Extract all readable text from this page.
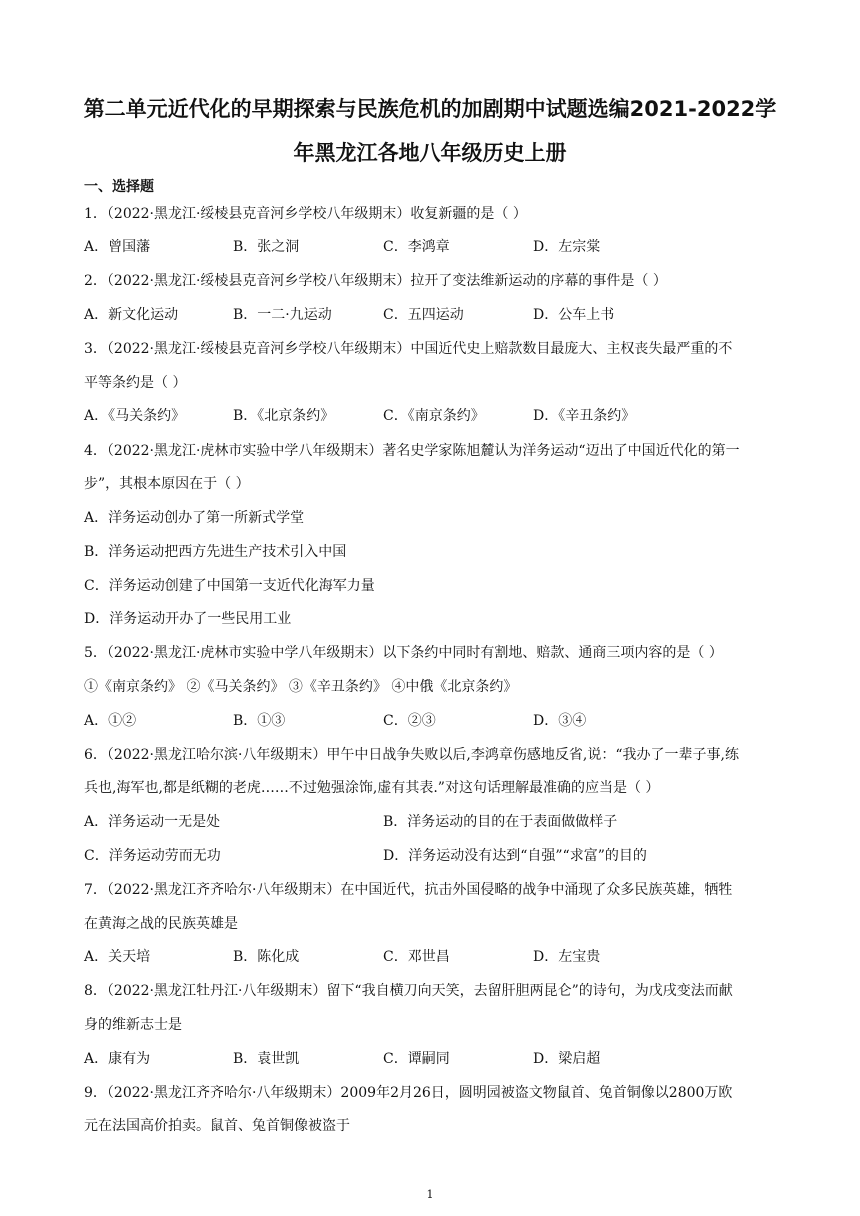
第二单元近代化的早期探索与民族危机的加剧期中试题选编2021-2022学
年黑龙江各地八年级历史上册
一、选择题
1．（2022·黑龙江·绥棱县克音河乡学校八年级期末）收复新疆的是（ ）
A．曾国藩	B．张之洞	C．李鸿章	D．左宗棠
2．（2022·黑龙江·绥棱县克音河乡学校八年级期末）拉开了变法维新运动的序幕的事件是（ ）
A．新文化运动	B．一二·九运动	C．五四运动	D．公车上书
3．（2022·黑龙江·绥棱县克音河乡学校八年级期末）中国近代史上赔款数目最庞大、主权丧失最严重的不
平等条约是（ ）
A．《马关条约》	B．《北京条约》	C．《南京条约》	D．《辛丑条约》
4．（2022·黑龙江·虎林市实验中学八年级期末）著名史学家陈旭麓认为洋务运动“迈出了中国近代化的第一
步”，其根本原因在于（ ）
A．洋务运动创办了第一所新式学堂
B．洋务运动把西方先进生产技术引入中国
C．洋务运动创建了中国第一支近代化海军力量
D．洋务运动开办了一些民用工业
5．（2022·黑龙江·虎林市实验中学八年级期末）以下条约中同时有割地、赔款、通商三项内容的是（ ）
①《南京条约》 ②《马关条约》 ③《辛丑条约》 ④中俄《北京条约》
A．①②	B．①③	C．②③	D．③④
6．（2022·黑龙江哈尔滨·八年级期末）甲午中日战争失败以后,李鸿章伤感地反省,说：“我办了一辈子事,练
兵也,海军也,都是纸糊的老虎……不过勉强涂饰,虚有其表.”对这句话理解最准确的应当是（ ）
A．洋务运动一无是处	B．洋务运动的目的在于表面做做样子
C．洋务运动劳而无功	D．洋务运动没有达到“自强”“求富”的目的
7．（2022·黑龙江齐齐哈尔·八年级期末）在中国近代，抗击外国侵略的战争中涌现了众多民族英雄，牺牲
在黄海之战的民族英雄是
A．关天培	B．陈化成	C．邓世昌	D．左宝贵
8．（2022·黑龙江牡丹江·八年级期末）留下“我自横刀向天笑，去留肝胆两昆仑”的诗句，为戊戌变法而献
身的维新志士是
A．康有为	B．袁世凯	C．谭嗣同	D．梁启超
9．（2022·黑龙江齐齐哈尔·八年级期末）2009年2月26日，圆明园被盗文物鼠首、兔首铜像以2800万欧
元在法国高价拍卖。鼠首、兔首铜像被盗于
1
